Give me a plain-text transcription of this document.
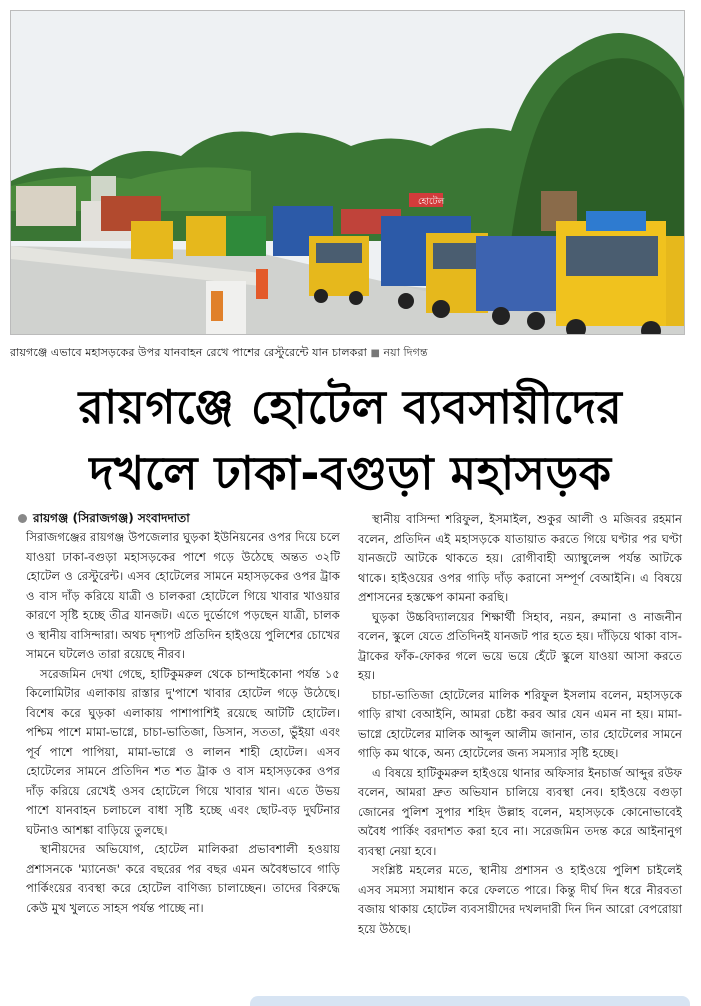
হোটেল
রায়গঞ্জে এভাবে মহাসড়কের উপর যানবাহন রেখে পাশের রেস্টুরেন্টে যান চালকরা ■ নয়া দিগন্ত
রায়গঞ্জে হোটেল ব্যবসায়ীদের
দখলে ঢাকা-বগুড়া মহাসড়ক
রায়গঞ্জ (সিরাজগঞ্জ) সংবাদদাতা

সিরাজগঞ্জের রায়গঞ্জ উপজেলার ঘুড়কা ইউনিয়নের ওপর দিয়ে চলে যাওয়া ঢাকা-বগুড়া মহাসড়কের পাশে গড়ে উঠেছে অন্তত ৩২টি হোটেল ও রেস্টুরেন্ট। এসব হোটেলের সামনে মহাসড়কের ওপর ট্রাক ও বাস দাঁড় করিয়ে যাত্রী ও চালকরা হোটেলে গিয়ে খাবার খাওয়ার কারণে সৃষ্টি হচ্ছে তীব্র যানজট। এতে দুর্ভোগে পড়ছেন যাত্রী, চালক ও স্থানীয় বাসিন্দারা। অথচ দৃশ্যপট প্রতিদিন হাইওয়ে পুলিশের চোখের সামনে ঘটলেও তারা রয়েছে নীরব।

সরেজমিন দেখা গেছে, হাটিকুমরুল থেকে চান্দাইকোনা পর্যন্ত ১৫ কিলোমিটার এলাকায় রাস্তার দু'পাশে খাবার হোটেল গড়ে উঠেছে। বিশেষ করে ঘুড়কা এলাকায় পাশাপাশিই রয়েছে আটটি হোটেল। পশ্চিম পাশে মামা-ভাগ্নে, চাচা-ভাতিজা, ডিসান, সততা, ভুঁইয়া এবং পূর্ব পাশে পাপিয়া, মামা-ভাগ্নে ও লালন শাহী হোটেল। এসব হোটেলের সামনে প্রতিদিন শত শত ট্রাক ও বাস মহাসড়কের ওপর দাঁড় করিয়ে রেখেই ওসব হোটেলে গিয়ে খাবার খান। এতে উভয় পাশে যানবাহন চলাচলে বাধা সৃষ্টি হচ্ছে এবং ছোট-বড় দুর্ঘটনার ঘটনাও আশঙ্কা বাড়িয়ে তুলছে।

স্থানীয়দের অভিযোগ, হোটেল মালিকরা প্রভাবশালী হওয়ায় প্রশাসনকে 'ম্যানেজ' করে বছরের পর বছর এমন অবৈধভাবে গাড়ি পার্কিংয়ের ব্যবস্থা করে হোটেল বাণিজ্য চালাচ্ছেন। তাদের বিরুদ্ধে কেউ মুখ খুলতে সাহস পর্যন্ত পাচ্ছে না।

স্থানীয় বাসিন্দা শরিফুল, ইসমাইল, শুকুর আলী ও মজিবর রহমান বলেন, প্রতিদিন এই মহাসড়কে যাতায়াত করতে গিয়ে ঘণ্টার পর ঘণ্টা যানজটে আটকে থাকতে হয়। রোগীবাহী অ্যাম্বুলেন্স পর্যন্ত আটকে থাকে। হাইওয়ের ওপর গাড়ি দাঁড় করানো সম্পূর্ণ বেআইনি। এ বিষয়ে প্রশাসনের হস্তক্ষেপ কামনা করছি।

ঘুড়কা উচ্চবিদ্যালয়ের শিক্ষার্থী সিহাব, নয়ন, রুমানা ও নাজনীন বলেন, স্কুলে যেতে প্রতিদিনই যানজট পার হতে হয়। দাঁড়িয়ে থাকা বাস-ট্রাকের ফাঁক-ফোকর গলে ভয়ে ভয়ে হেঁটে স্কুলে যাওয়া আসা করতে হয়।

চাচা-ভাতিজা হোটেলের মালিক শরিফুল ইসলাম বলেন, মহাসড়কে গাড়ি রাখা বেআইনি, আমরা চেষ্টা করব আর যেন এমন না হয়। মামা-ভাগ্নে হোটেলের মালিক আব্দুল আলীম জানান, তার হোটেলের সামনে গাড়ি কম থাকে, অন্য হোটেলের জন্য সমস্যার সৃষ্টি হচ্ছে।

এ বিষয়ে হাটিকুমরুল হাইওয়ে থানার অফিসার ইনচার্জ আব্দুর রউফ বলেন, আমরা দ্রুত অভিযান চালিয়ে ব্যবস্থা নেব। হাইওয়ে বগুড়া জোনের পুলিশ সুপার শহিদ উল্লাহ বলেন, মহাসড়কে কোনোভাবেই অবৈধ পার্কিং বরদাশত করা হবে না। সরেজমিন তদন্ত করে আইনানুগ ব্যবস্থা নেয়া হবে।

সংশ্লিষ্ট মহলের মতে, স্থানীয় প্রশাসন ও হাইওয়ে পুলিশ চাইলেই এসব সমস্যা সমাধান করে ফেলতে পারে। কিন্তু দীর্ঘ দিন ধরে নীরবতা বজায় থাকায় হোটেল ব্যবসায়ীদের দখলদারী দিন দিন আরো বেপরোয়া হয়ে উঠছে।
